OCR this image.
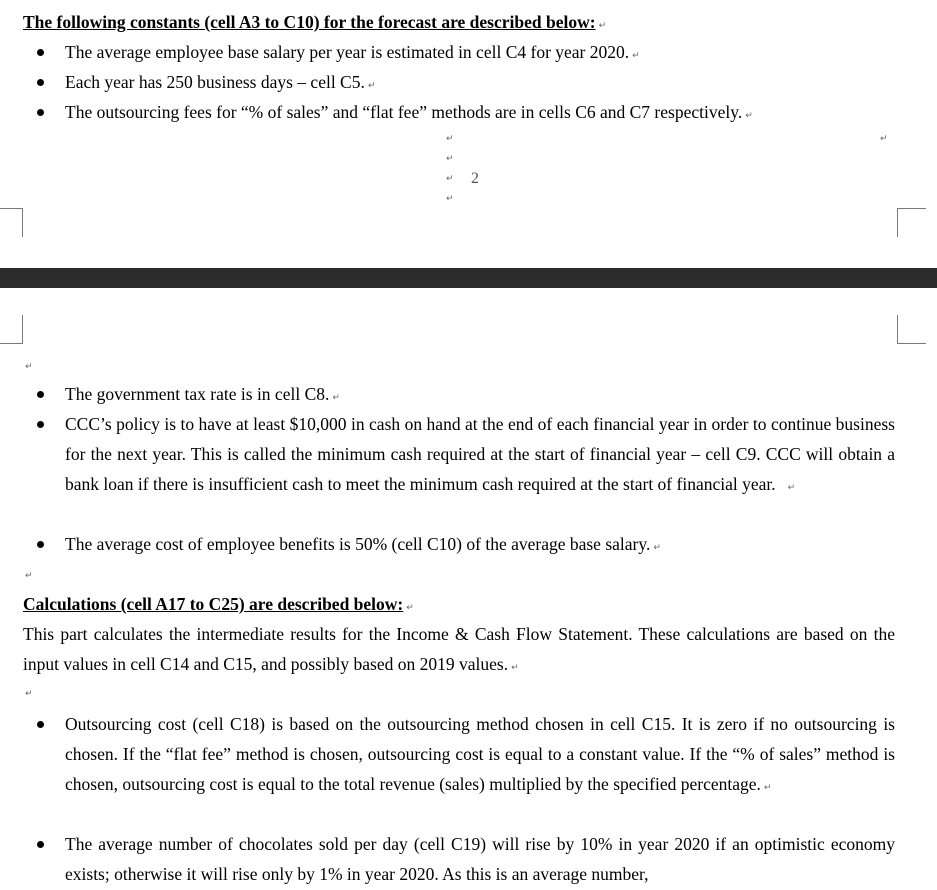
The following constants (cell A3 to C10) for the forecast are described below: ↵
The average employee base salary per year is estimated in cell C4 for year 2020. ↵
Each year has 250 business days – cell C5. ↵
The outsourcing fees for “% of sales” and “flat fee” methods are in cells C6 and C7 respectively. ↵
↵
↵
↵
↵
↵
2
↵
The government tax rate is in cell C8. ↵
CCC’s policy is to have at least $10,000 in cash on hand at the end of each financial year in order to continue business for the next year. This is called the minimum cash required at the start of financial year – cell C9. CCC will obtain a bank loan if there is insufficient cash to meet the minimum cash required at the start of financial year. ↵
The average cost of employee benefits is 50% (cell C10) of the average base salary. ↵
↵
Calculations (cell A17 to C25) are described below: ↵
This part calculates the intermediate results for the Income & Cash Flow Statement. These calculations are based on the input values in cell C14 and C15, and possibly based on 2019 values. ↵
↵
Outsourcing cost (cell C18) is based on the outsourcing method chosen in cell C15. It is zero if no outsourcing is chosen. If the “flat fee” method is chosen, outsourcing cost is equal to a constant value. If the “% of sales” method is chosen, outsourcing cost is equal to the total revenue (sales) multiplied by the specified percentage. ↵
The average number of chocolates sold per day (cell C19) will rise by 10% in year 2020 if an optimistic economy exists; otherwise it will rise only by 1% in year 2020. As this is an average number,
